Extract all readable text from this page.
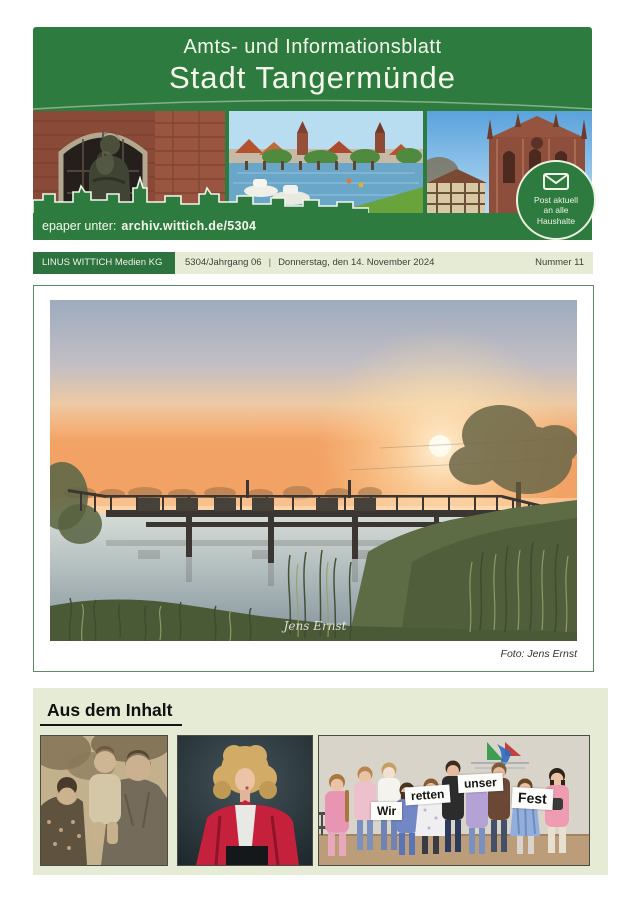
Amts- und Informationsblatt
Stadt Tangermünde
epaper unter: archiv.wittich.de/5304
Post aktuell
an alle
Haushalte
LINUS WITTICH Medien KG	5304/Jahrgang 06 | Donnerstag, den 14. November 2024	Nummer 11
Jens Ernst
Foto: Jens Ernst
Aus dem Inhalt
Wir
retten
unser
Fest
